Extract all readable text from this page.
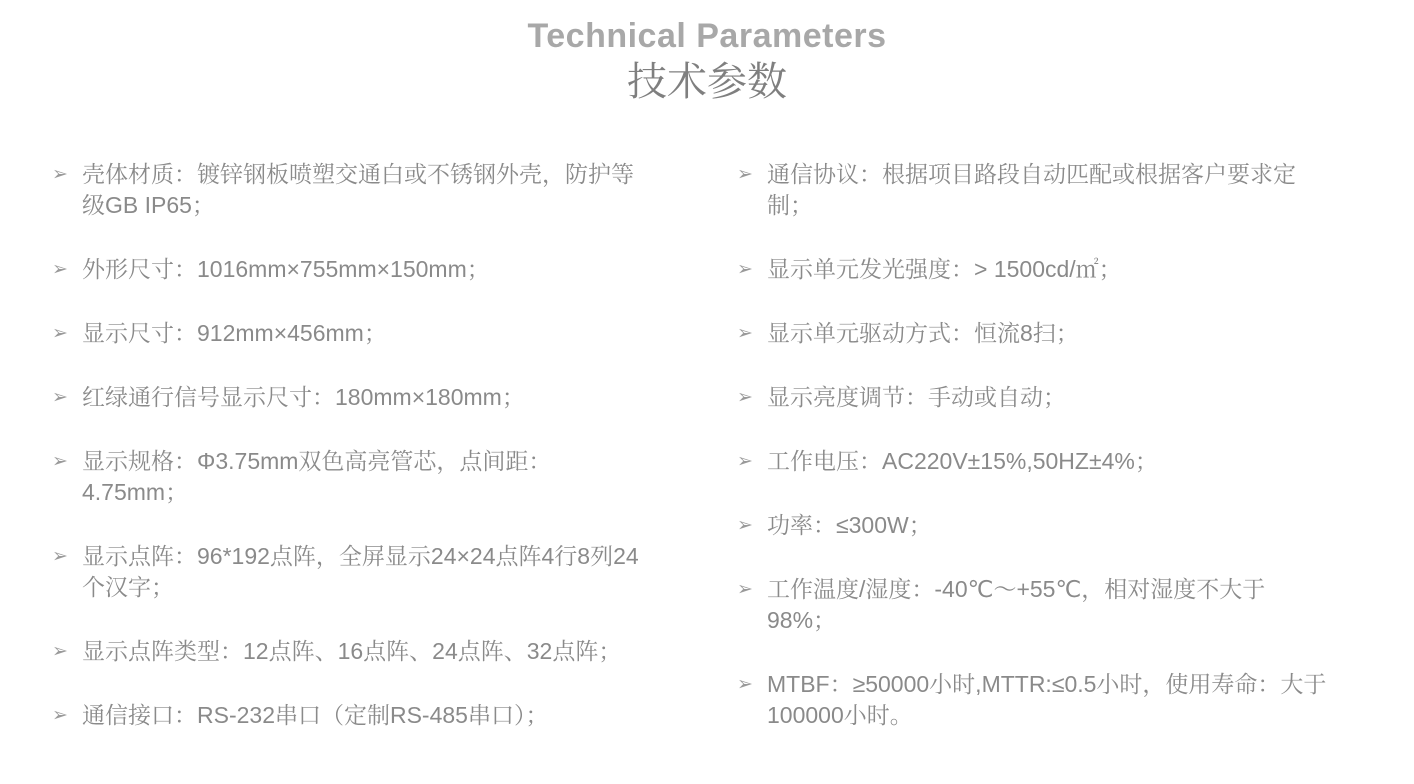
Technical Parameters
技术参数
➢ 壳体材质：镀锌钢板喷塑交通白或不锈钢外壳，防护等级GB IP65；
➢ 外形尺寸：1016mm×755mm×150mm；
➢ 显示尺寸：912mm×456mm；
➢ 红绿通行信号显示尺寸：180mm×180mm；
➢ 显示规格：Φ3.75mm双色高亮管芯，点间距：4.75mm；
➢ 显示点阵：96*192点阵，全屏显示24×24点阵4行8列24个汉字；
➢ 显示点阵类型：12点阵、16点阵、24点阵、32点阵；
➢ 通信接口：RS-232串口（定制RS-485串口）；
➢ 通信协议：根据项目路段自动匹配或根据客户要求定制；
➢ 显示单元发光强度：> 1500cd/㎡；
➢ 显示单元驱动方式：恒流8扫；
➢ 显示亮度调节：手动或自动；
➢ 工作电压：AC220V±15%,50HZ±4%；
➢ 功率：≤300W；
➢ 工作温度/湿度：-40℃～+55℃，相对湿度不大于98%；
➢ MTBF：≥50000小时,MTTR:≤0.5小时，使用寿命：大于100000小时。
